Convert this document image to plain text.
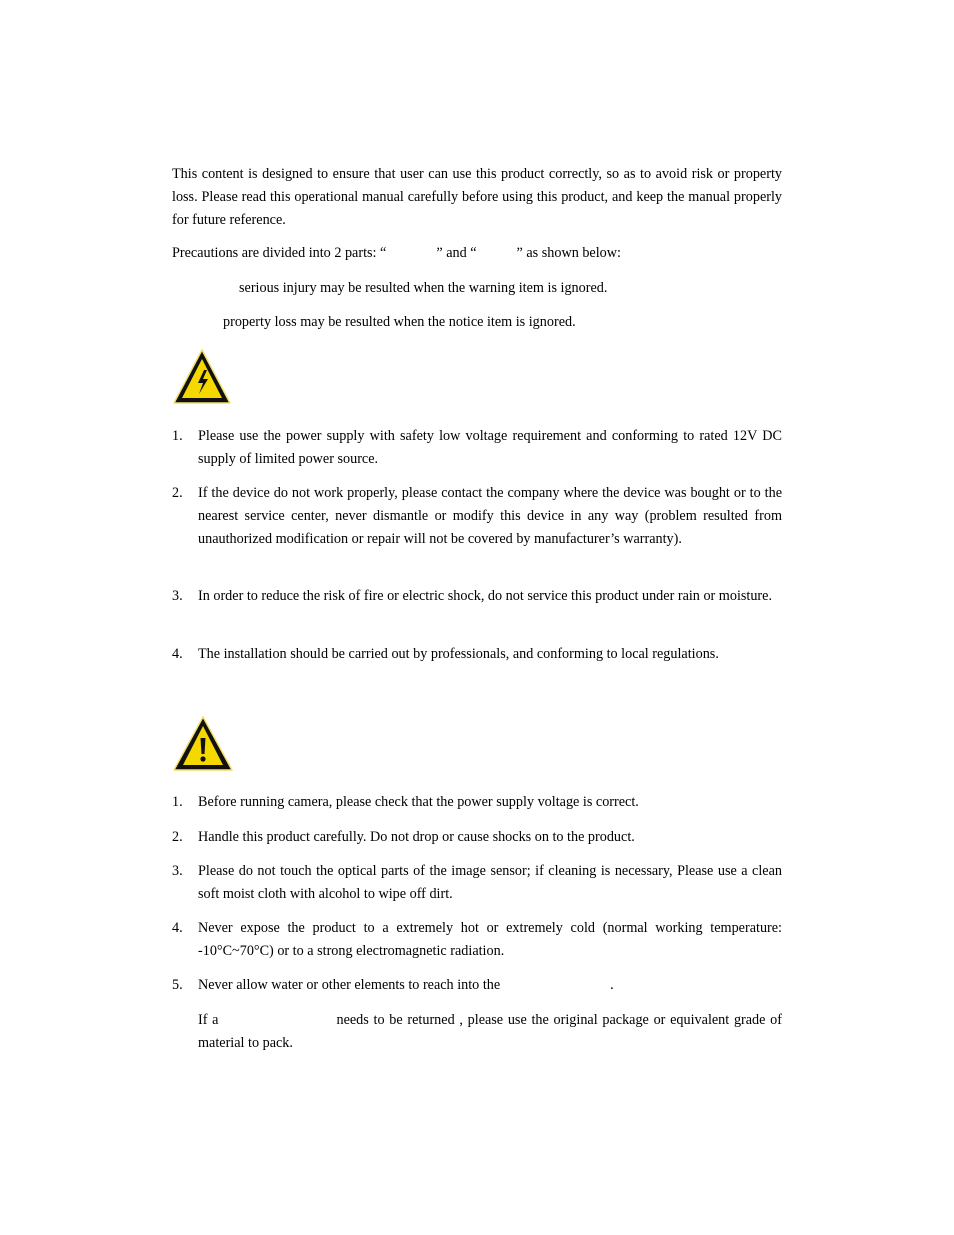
This content is designed to ensure that user can use this product correctly, so as to avoid risk or property loss. Please read this operational manual carefully before using this product, and keep the manual properly for future reference.

Precautions are divided into 2 parts: “	” and “	” as shown below:

serious injury may be resulted when the warning item is ignored.

property loss may be resulted when the notice item is ignored.

1.	Please use the power supply with safety low voltage requirement and conforming to rated 12V DC supply of limited power source.
2.	If the device do not work properly, please contact the company where the device was bought or to the nearest service center, never dismantle or modify this device in any way (problem resulted from unauthorized modification or repair will not be covered by manufacturer’s warranty).
3.	In order to reduce the risk of fire or electric shock, do not service this product under rain or moisture.
4.	The installation should be carried out by professionals, and conforming to local regulations.
1.	Before running camera, please check that the power supply voltage is correct.
2.	Handle this product carefully. Do not drop or cause shocks on to the product.
3.	Please do not touch the optical parts of the image sensor; if cleaning is necessary, Please use a clean soft moist cloth with alcohol to wipe off dirt.
4.	Never expose the product to a extremely hot or extremely cold (normal working temperature: -10°C~70°C) or to a strong electromagnetic radiation.
5.	Never allow water or other elements to reach into the	.

If a	needs to be returned , please use the original package or equivalent grade of material to pack.
